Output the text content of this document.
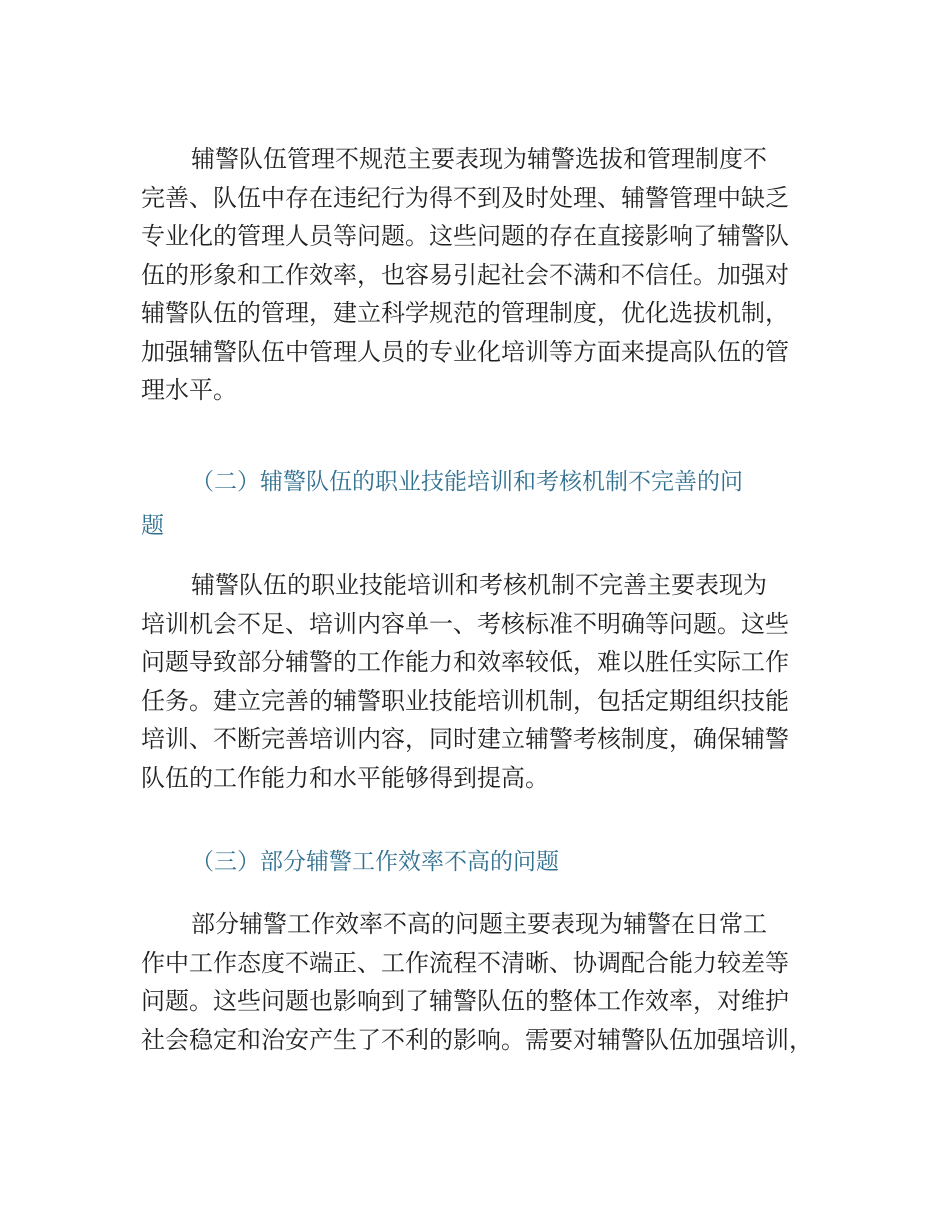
辅警队伍管理不规范主要表现为辅警选拔和管理制度不
完善、队伍中存在违纪行为得不到及时处理、辅警管理中缺乏
专业化的管理人员等问题。这些问题的存在直接影响了辅警队
伍的形象和工作效率，也容易引起社会不满和不信任。加强对
辅警队伍的管理，建立科学规范的管理制度，优化选拔机制，
加强辅警队伍中管理人员的专业化培训等方面来提高队伍的管
理水平。
（二）辅警队伍的职业技能培训和考核机制不完善的问
题
辅警队伍的职业技能培训和考核机制不完善主要表现为
培训机会不足、培训内容单一、考核标准不明确等问题。这些
问题导致部分辅警的工作能力和效率较低，难以胜任实际工作
任务。建立完善的辅警职业技能培训机制，包括定期组织技能
培训、不断完善培训内容，同时建立辅警考核制度，确保辅警
队伍的工作能力和水平能够得到提高。
（三）部分辅警工作效率不高的问题
部分辅警工作效率不高的问题主要表现为辅警在日常工
作中工作态度不端正、工作流程不清晰、协调配合能力较差等
问题。这些问题也影响到了辅警队伍的整体工作效率，对维护
社会稳定和治安产生了不利的影响。需要对辅警队伍加强培训，
